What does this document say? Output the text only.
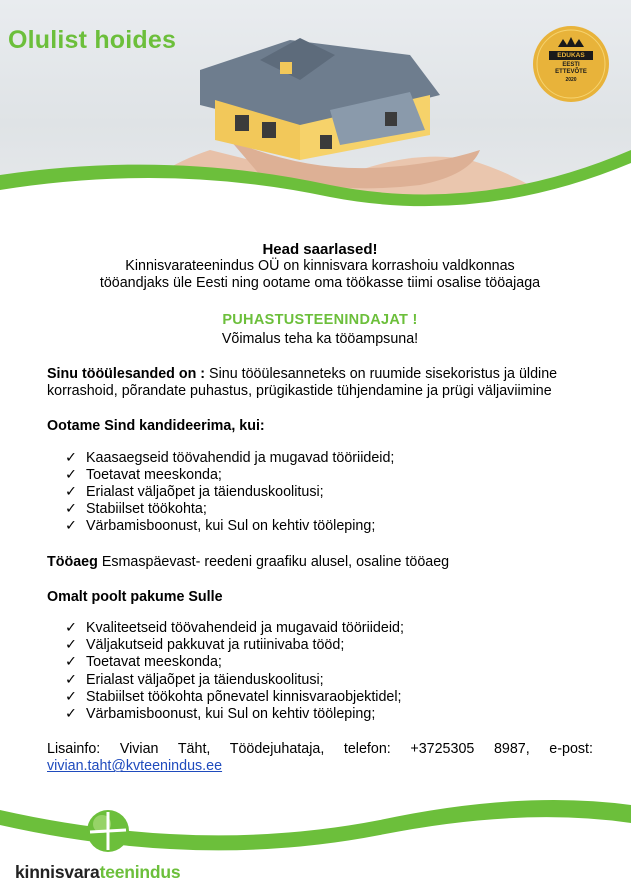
Olulist hoides
EDUKAS
EESTI
ETTEVÕTE
2020
Head saarlased!
Kinnisvarateenindus OÜ on kinnisvara korrashoiu valdkonnas
tööandjaks üle Eesti ning ootame oma töökasse tiimi osalise tööajaga
PUHASTUSTEENINDAJAT !
Võimalus teha ka tööampsuna!
Sinu tööülesanded on : Sinu tööülesanneteks on ruumide sisekoristus ja üldine korrashoid, põrandate puhastus, prügikastide tühjendamine ja prügi väljaviimine
Ootame Sind kandideerima, kui:
✓ Kaasaegseid töövahendid ja mugavad tööriideid;
✓ Toetavat meeskonda;
✓ Erialast väljaõpet ja täienduskoolitusi;
✓ Stabiilset töökohta;
✓ Värbamisboonust, kui Sul on kehtiv tööleping;
Tööaeg Esmaspäevast- reedeni graafiku alusel, osaline tööaeg
Omalt poolt pakume Sulle
✓ Kvaliteetseid töövahendeid ja mugavaid tööriideid;
✓ Väljakutseid pakkuvat ja rutiinivaba tööd;
✓ Toetavat meeskonda;
✓ Erialast väljaõpet ja täienduskoolitusi;
✓ Stabiilset töökohta põnevatel kinnisvaraobjektidel;
✓ Värbamisboonust, kui Sul on kehtiv tööleping;
Lisainfo: Vivian Täht, Töödejuhataja, telefon: +3725305 8987, e-post:
vivian.taht@kvteenindus.ee
kinnisvarateenindus
